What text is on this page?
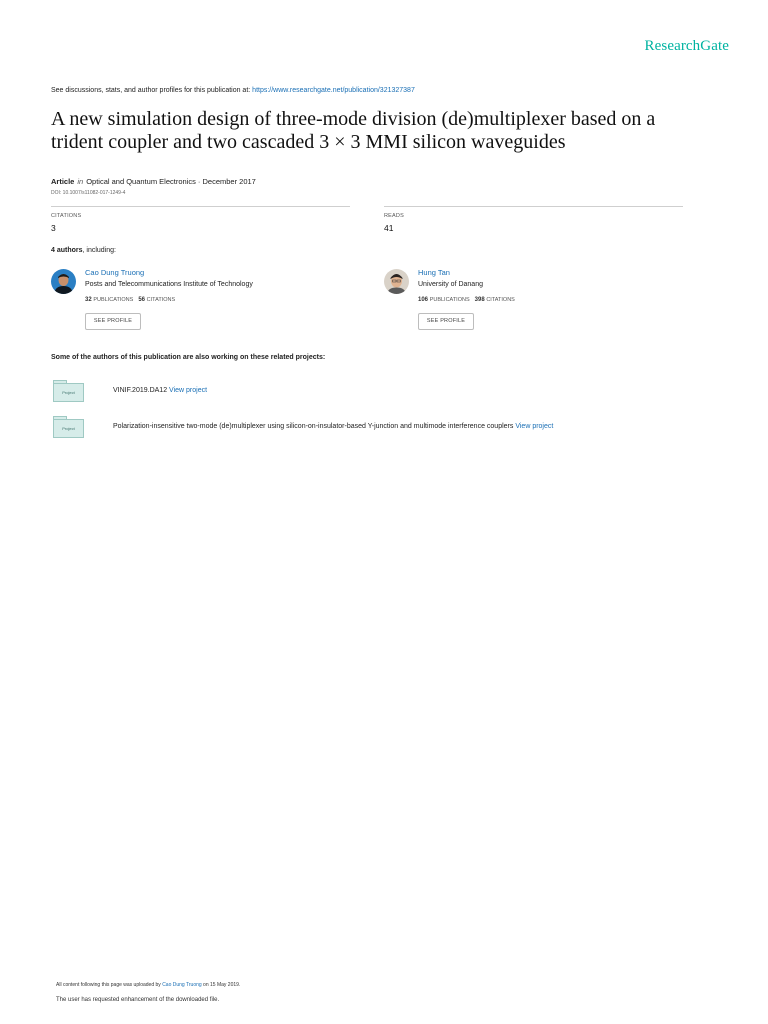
ResearchGate
See discussions, stats, and author profiles for this publication at: https://www.researchgate.net/publication/321327387
A new simulation design of three-mode division (de)multiplexer based on a trident coupler and two cascaded 3 × 3 MMI silicon waveguides
Article in Optical and Quantum Electronics · December 2017
DOI: 10.1007/s11082-017-1249-4
CITATIONS
3
READS
41
4 authors, including:
Cao Dung Truong
Posts and Telecommunications Institute of Technology
32 PUBLICATIONS 56 CITATIONS
SEE PROFILE
Hung Tan
University of Danang
106 PUBLICATIONS 398 CITATIONS
SEE PROFILE
Some of the authors of this publication are also working on these related projects:
Project	VINIF.2019.DA12 View project
Project	Polarization-insensitive two-mode (de)multiplexer using silicon-on-insulator-based Y-junction and multimode interference couplers View project
All content following this page was uploaded by Cao Dung Truong on 15 May 2019.
The user has requested enhancement of the downloaded file.
